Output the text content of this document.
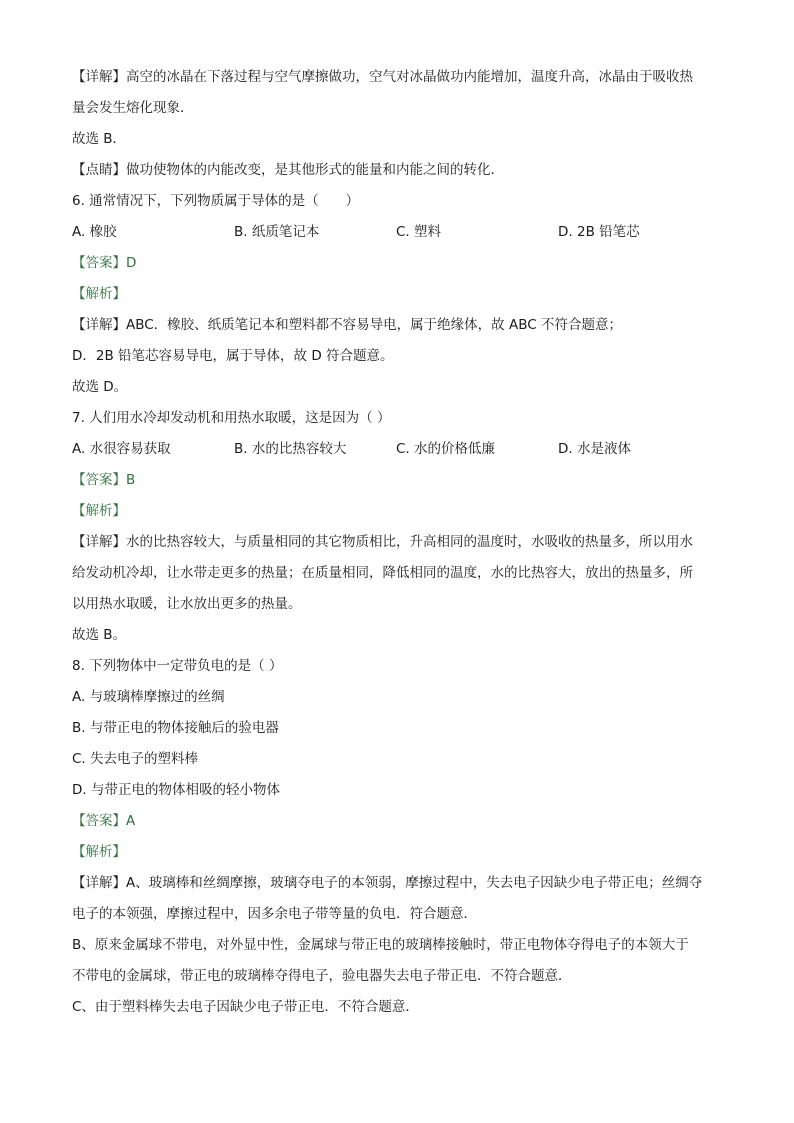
【详解】高空的冰晶在下落过程与空气摩擦做功，空气对冰晶做功内能增加，温度升高，冰晶由于吸收热
量会发生熔化现象．
故选 B．
【点睛】做功使物体的内能改变，是其他形式的能量和内能之间的转化．
6. 通常情况下，下列物质属于导体的是（　　）
A. 橡胶	B. 纸质笔记本	C. 塑料	D. 2B 铅笔芯
【答案】D
【解析】
【详解】ABC．橡胶、纸质笔记本和塑料都不容易导电，属于绝缘体，故 ABC 不符合题意；
D．2B 铅笔芯容易导电，属于导体，故 D 符合题意。
故选 D。
7. 人们用水冷却发动机和用热水取暖，这是因为（ ）
A. 水很容易获取	B. 水的比热容较大	C. 水的价格低廉	D. 水是液体
【答案】B
【解析】
【详解】水的比热容较大，与质量相同的其它物质相比，升高相同的温度时，水吸收的热量多，所以用水
给发动机冷却，让水带走更多的热量；在质量相同，降低相同的温度，水的比热容大，放出的热量多，所
以用热水取暖，让水放出更多的热量。
故选 B。
8. 下列物体中一定带负电的是（ ）
A. 与玻璃棒摩擦过的丝绸
B. 与带正电的物体接触后的验电器
C. 失去电子的塑料棒
D. 与带正电的物体相吸的轻小物体
【答案】A
【解析】
【详解】A、玻璃棒和丝绸摩擦，玻璃夺电子的本领弱，摩擦过程中，失去电子因缺少电子带正电；丝绸夺
电子的本领强，摩擦过程中，因多余电子带等量的负电．符合题意．
B、原来金属球不带电，对外显中性，金属球与带正电的玻璃棒接触时，带正电物体夺得电子的本领大于
不带电的金属球，带正电的玻璃棒夺得电子，验电器失去电子带正电．不符合题意．
C、由于塑料棒失去电子因缺少电子带正电．不符合题意．
